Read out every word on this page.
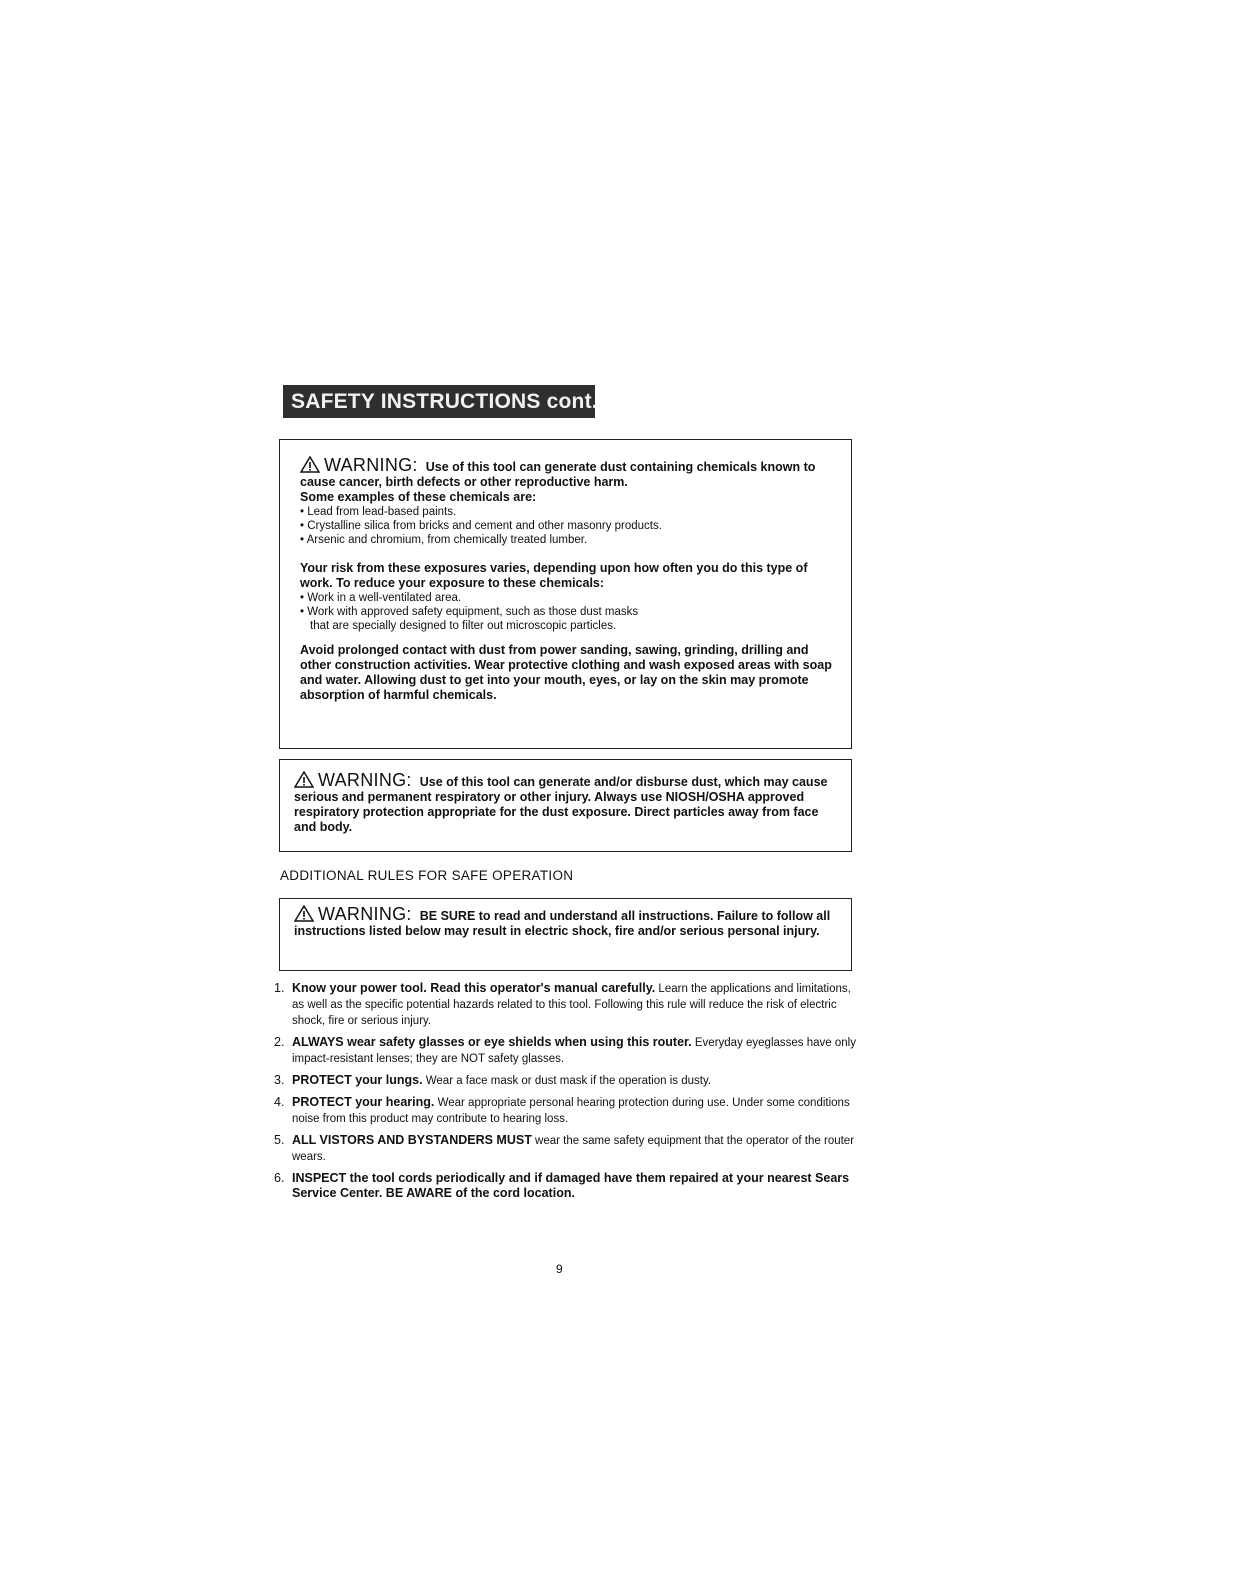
SAFETY INSTRUCTIONS cont.
WARNING: Use of this tool can generate dust containing chemicals known to cause cancer, birth defects or other reproductive harm.
Some examples of these chemicals are:
• Lead from lead-based paints.
• Crystalline silica from bricks and cement and other masonry products.
• Arsenic and chromium, from chemically treated lumber.
Your risk from these exposures varies, depending upon how often you do this type of work. To reduce your exposure to these chemicals:
• Work in a well-ventilated area.
• Work with approved safety equipment, such as those dust masks
that are specially designed to filter out microscopic particles.
Avoid prolonged contact with dust from power sanding, sawing, grinding, drilling and other construction activities. Wear protective clothing and wash exposed areas with soap and water. Allowing dust to get into your mouth, eyes, or lay on the skin may promote absorption of harmful chemicals.
WARNING: Use of this tool can generate and/or disburse dust, which may cause serious and permanent respiratory or other injury. Always use NIOSH/OSHA approved respiratory protection appropriate for the dust exposure. Direct particles away from face and body.
ADDITIONAL RULES FOR SAFE OPERATION
WARNING: BE SURE to read and understand all instructions. Failure to follow all instructions listed below may result in electric shock, fire and/or serious personal injury.
1. Know your power tool. Read this operator's manual carefully. Learn the applications and limitations, as well as the specific potential hazards related to this tool. Following this rule will reduce the risk of electric shock, fire or serious injury.
2. ALWAYS wear safety glasses or eye shields when using this router. Everyday eyeglasses have only impact-resistant lenses; they are NOT safety glasses.
3. PROTECT your lungs. Wear a face mask or dust mask if the operation is dusty.
4. PROTECT your hearing. Wear appropriate personal hearing protection during use. Under some conditions noise from this product may contribute to hearing loss.
5. ALL VISTORS AND BYSTANDERS MUST wear the same safety equipment that the operator of the router wears.
6. INSPECT the tool cords periodically and if damaged have them repaired at your nearest Sears Service Center. BE AWARE of the cord location.
9
